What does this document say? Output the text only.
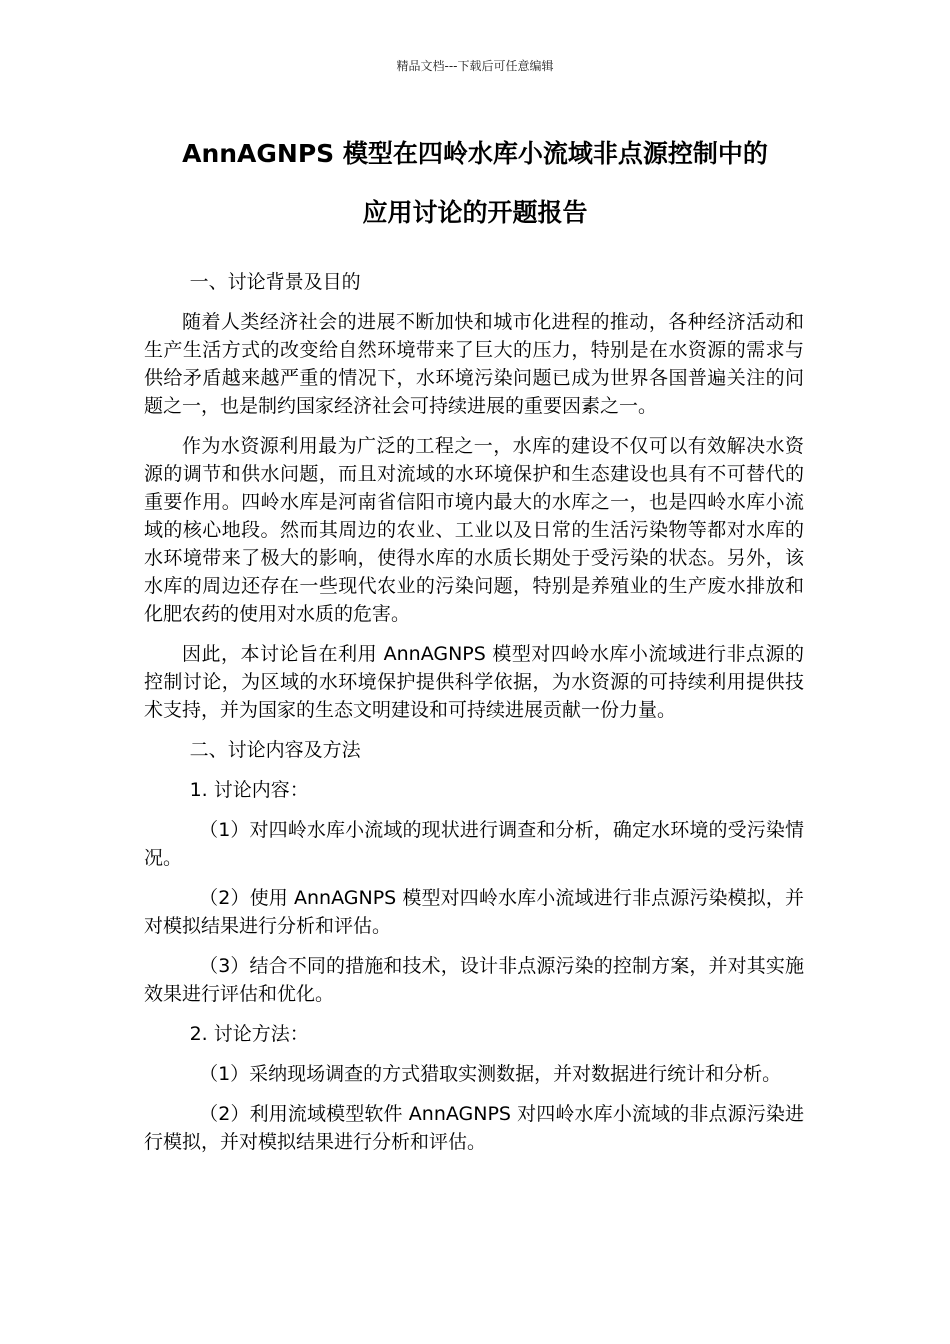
精品文档---下载后可任意编辑
AnnAGNPS 模型在四岭水库小流域非点源控制中的
应用讨论的开题报告

一、讨论背景及目的

随着人类经济社会的进展不断加快和城市化进程的推动，各种经济活动和生产生活方式的改变给自然环境带来了巨大的压力，特别是在水资源的需求与供给矛盾越来越严重的情况下，水环境污染问题已成为世界各国普遍关注的问题之一，也是制约国家经济社会可持续进展的重要因素之一。

作为水资源利用最为广泛的工程之一，水库的建设不仅可以有效解决水资源的调节和供水问题，而且对流域的水环境保护和生态建设也具有不可替代的重要作用。四岭水库是河南省信阳市境内最大的水库之一，也是四岭水库小流域的核心地段。然而其周边的农业、工业以及日常的生活污染物等都对水库的水环境带来了极大的影响，使得水库的水质长期处于受污染的状态。另外，该水库的周边还存在一些现代农业的污染问题，特别是养殖业的生产废水排放和化肥农药的使用对水质的危害。

因此，本讨论旨在利用 AnnAGNPS 模型对四岭水库小流域进行非点源的控制讨论，为区域的水环境保护提供科学依据，为水资源的可持续利用提供技术支持，并为国家的生态文明建设和可持续进展贡献一份力量。

二、讨论内容及方法

1. 讨论内容：

（1）对四岭水库小流域的现状进行调查和分析，确定水环境的受污染情况。

（2）使用 AnnAGNPS 模型对四岭水库小流域进行非点源污染模拟，并对模拟结果进行分析和评估。

（3）结合不同的措施和技术，设计非点源污染的控制方案，并对其实施效果进行评估和优化。

2. 讨论方法：

（1）采纳现场调查的方式猎取实测数据，并对数据进行统计和分析。

（2）利用流域模型软件 AnnAGNPS 对四岭水库小流域的非点源污染进行模拟，并对模拟结果进行分析和评估。
